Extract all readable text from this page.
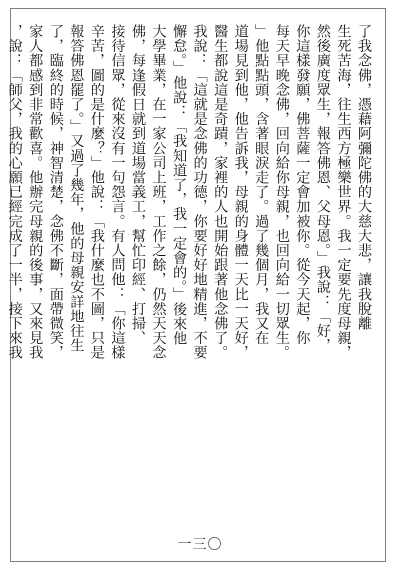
了我念佛，憑藉阿彌陀佛的大慈大悲，讓我脫離
生死苦海，往生西方極樂世界。我一定要先度母親，
然後廣度眾生，報答佛恩、父母恩。」我說：「好，
你這樣發願，佛菩薩一定會加被你。從今天起，你
每天早晚念佛，回向給你母親，也回向給一切眾生。
」他點點頭，含著眼淚走了。過了幾個月，我又在
道場見到他，他告訴我，母親的身體一天比一天好，
醫生都說這是奇蹟，家裡的人也開始跟著他念佛了。
我說：「這就是念佛的功德，你要好好地精進，不要
懈怠。」他說：「我知道了，我一定會的。」後來他
大學畢業，在一家公司上班，工作之餘，仍然天天念
佛，每逢假日就到道場當義工，幫忙印經、打掃、
接待信眾，從來沒有一句怨言。有人問他：「你這樣
辛苦，圖的是什麼？」他說：「我什麼也不圖，只是
報答佛恩罷了。」又過了幾年，他的母親安詳地往生
了，臨終的時候，神智清楚，念佛不斷，面帶微笑，
家人都感到非常歡喜。他辦完母親的後事，又來見我
，說：「師父，我的心願已經完成了一半，接下來我
一三〇
